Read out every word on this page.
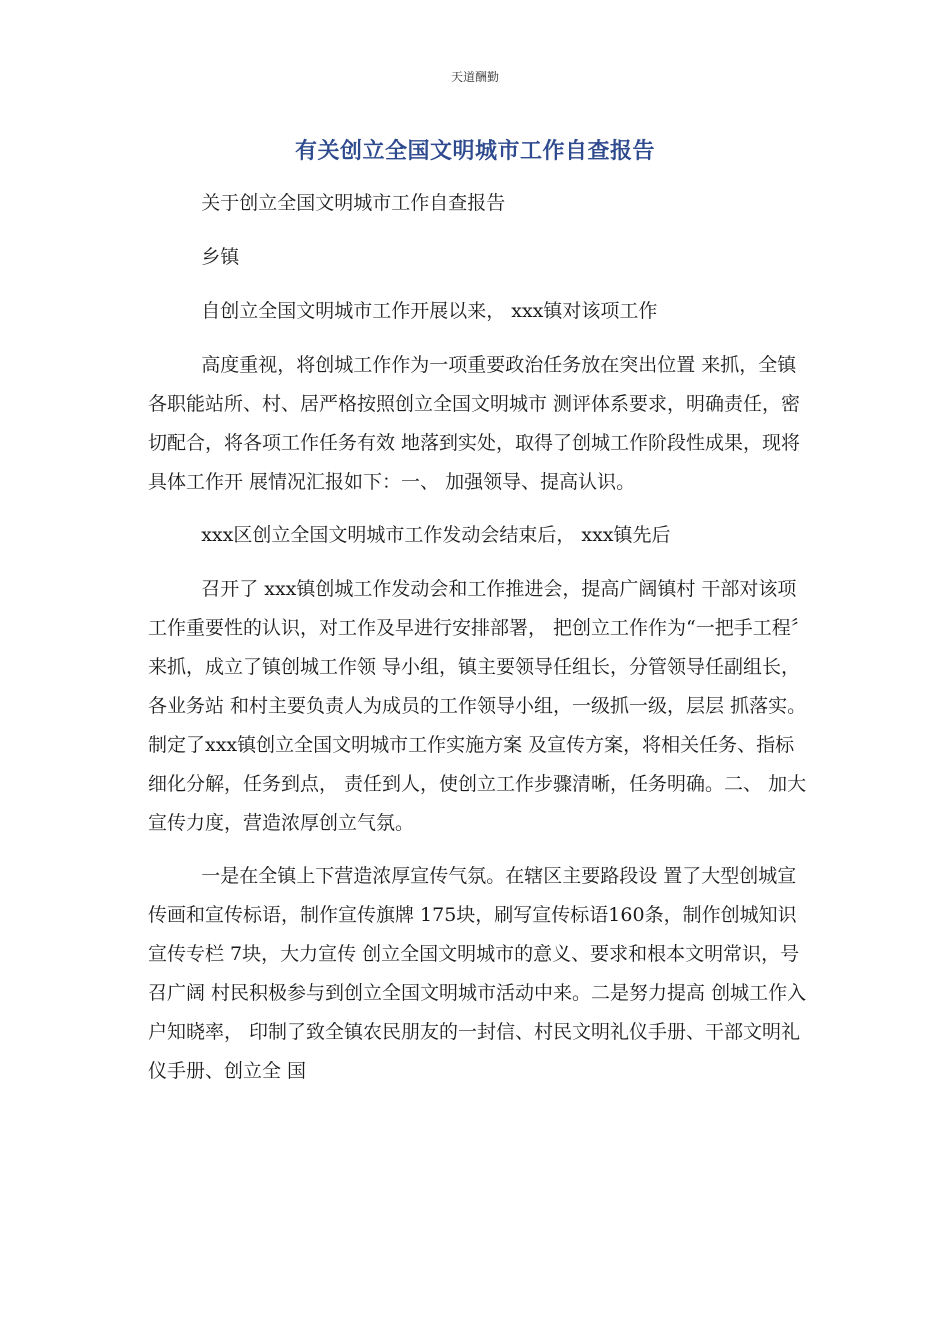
天道酬勤
有关创立全国文明城市工作自查报告

关于创立全国文明城市工作自查报告

乡镇

自创立全国文明城市工作开展以来， xxx镇对该项工作

高度重视，将创城工作作为一项重要政治任务放在突出位置 来抓，全镇各职能站所、村、居严格按照创立全国文明城市 测评体系要求，明确责任，密切配合，将各项工作任务有效 地落到实处，取得了创城工作阶段性成果，现将具体工作开 展情况汇报如下：一、 加强领导、提高认识。

xxx区创立全国文明城市工作发动会结束后， xxx镇先后

召开了 xxx镇创城工作发动会和工作推进会，提高广阔镇村 干部对该项工作重要性的认识，对工作及早进行安排部署， 把创立工作作为“一把手工程〞来抓，成立了镇创城工作领 导小组，镇主要领导任组长，分管领导任副组长，各业务站 和村主要负责人为成员的工作领导小组，一级抓一级，层层 抓落实。制定了xxx镇创立全国文明城市工作实施方案 及宣传方案，将相关任务、指标细化分解，任务到点， 责任到人，使创立工作步骤清晰，任务明确。二、 加大宣传力度，营造浓厚创立气氛。

一是在全镇上下营造浓厚宣传气氛。在辖区主要路段设 置了大型创城宣传画和宣传标语，制作宣传旗牌 175块，刷写宣传标语160条，制作创城知识宣传专栏 7块，大力宣传 创立全国文明城市的意义、要求和根本文明常识，号召广阔 村民积极参与到创立全国文明城市活动中来。二是努力提高 创城工作入户知晓率， 印制了致全镇农民朋友的一封信、村民文明礼仪手册、干部文明礼仪手册、创立全 国
